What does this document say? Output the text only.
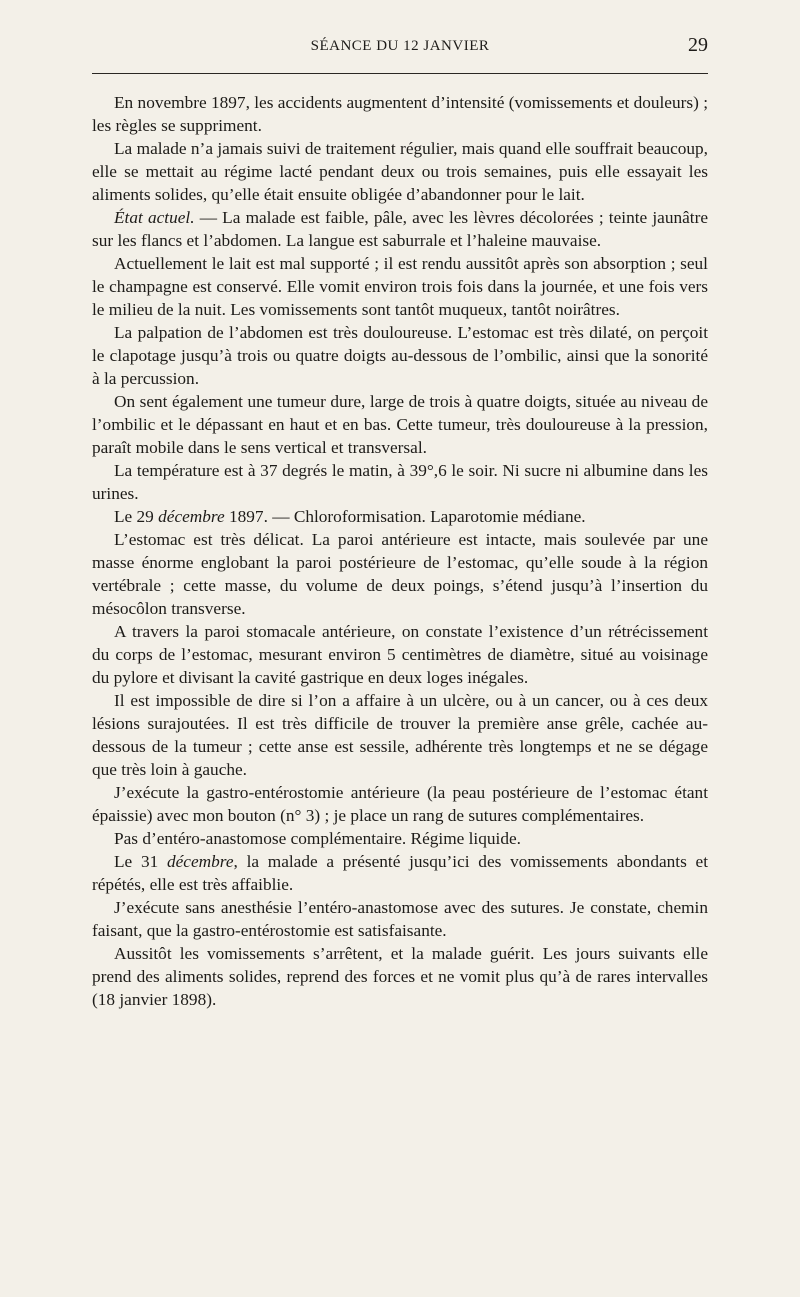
SÉANCE DU 12 JANVIER	29

En novembre 1897, les accidents augmentent d’intensité (vomissements et douleurs) ; les règles se suppriment.

La malade n’a jamais suivi de traitement régulier, mais quand elle souffrait beaucoup, elle se mettait au régime lacté pendant deux ou trois semaines, puis elle essayait les aliments solides, qu’elle était ensuite obligée d’abandonner pour le lait.

État actuel. — La malade est faible, pâle, avec les lèvres décolorées ; teinte jaunâtre sur les flancs et l’abdomen. La langue est saburrale et l’haleine mauvaise.

Actuellement le lait est mal supporté ; il est rendu aussitôt après son absorption ; seul le champagne est conservé. Elle vomit environ trois fois dans la journée, et une fois vers le milieu de la nuit. Les vomissements sont tantôt muqueux, tantôt noirâtres.

La palpation de l’abdomen est très douloureuse. L’estomac est très dilaté, on perçoit le clapotage jusqu’à trois ou quatre doigts au-dessous de l’ombilic, ainsi que la sonorité à la percussion.

On sent également une tumeur dure, large de trois à quatre doigts, située au niveau de l’ombilic et le dépassant en haut et en bas. Cette tumeur, très douloureuse à la pression, paraît mobile dans le sens vertical et transversal.

La température est à 37 degrés le matin, à 39°,6 le soir. Ni sucre ni albumine dans les urines.

Le 29 décembre 1897. — Chloroformisation. Laparotomie médiane.

L’estomac est très délicat. La paroi antérieure est intacte, mais soulevée par une masse énorme englobant la paroi postérieure de l’estomac, qu’elle soude à la région vertébrale ; cette masse, du volume de deux poings, s’étend jusqu’à l’insertion du mésocôlon transverse.

A travers la paroi stomacale antérieure, on constate l’existence d’un rétrécissement du corps de l’estomac, mesurant environ 5 centimètres de diamètre, situé au voisinage du pylore et divisant la cavité gastrique en deux loges inégales.

Il est impossible de dire si l’on a affaire à un ulcère, ou à un cancer, ou à ces deux lésions surajoutées. Il est très difficile de trouver la première anse grêle, cachée au-dessous de la tumeur ; cette anse est sessile, adhérente très longtemps et ne se dégage que très loin à gauche.

J’exécute la gastro-entérostomie antérieure (la peau postérieure de l’estomac étant épaissie) avec mon bouton (n° 3) ; je place un rang de sutures complémentaires.

Pas d’entéro-anastomose complémentaire. Régime liquide.

Le 31 décembre, la malade a présenté jusqu’ici des vomissements abondants et répétés, elle est très affaiblie.

J’exécute sans anesthésie l’entéro-anastomose avec des sutures. Je constate, chemin faisant, que la gastro-entérostomie est satisfaisante.

Aussitôt les vomissements s’arrêtent, et la malade guérit. Les jours suivants elle prend des aliments solides, reprend des forces et ne vomit plus qu’à de rares intervalles (18 janvier 1898).
